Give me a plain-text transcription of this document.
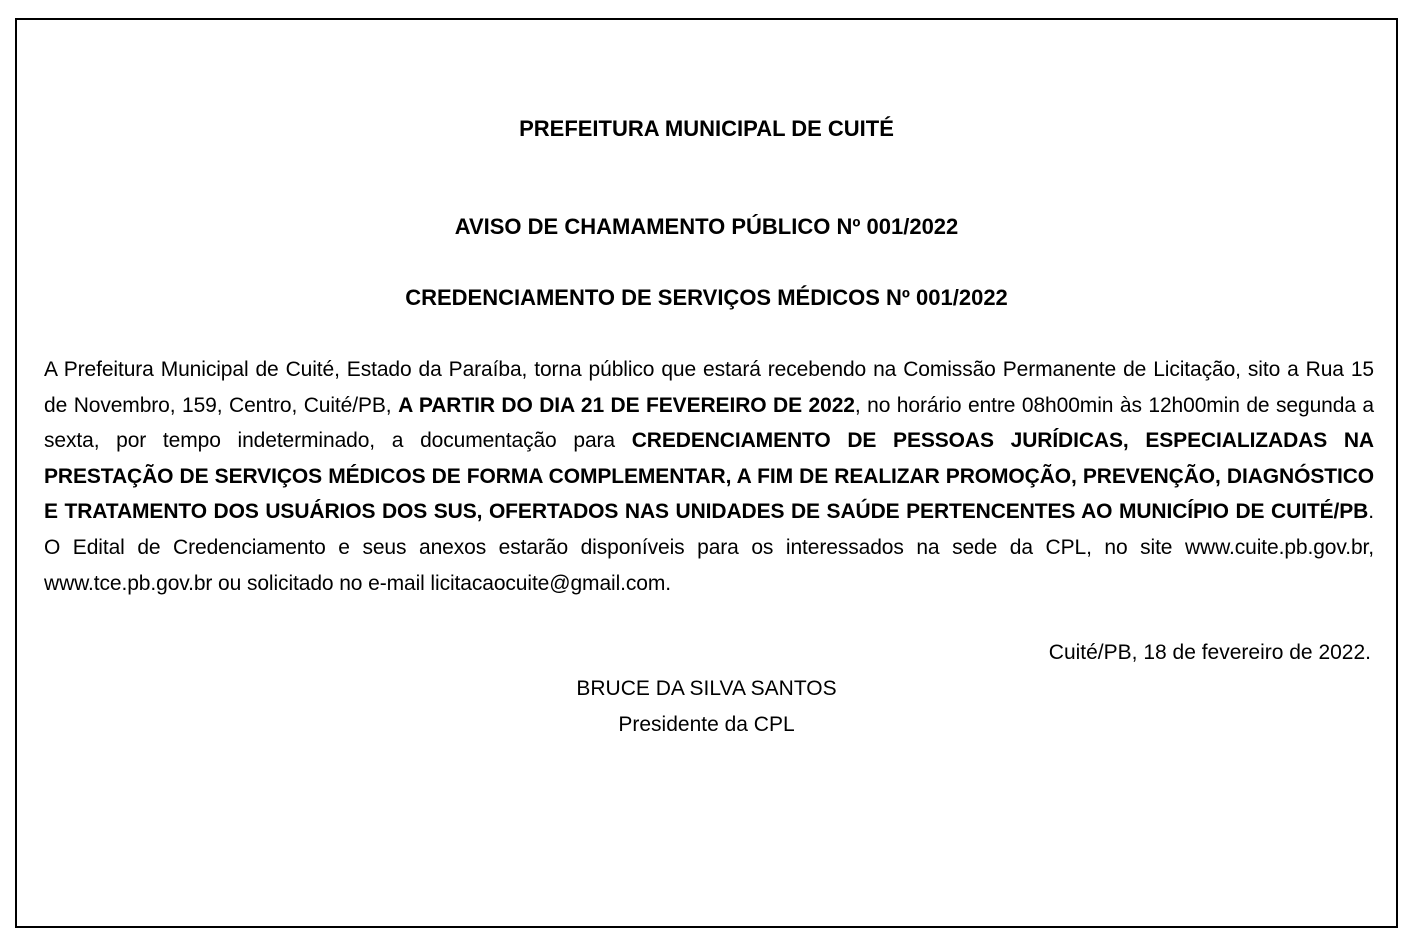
PREFEITURA MUNICIPAL DE CUITÉ
AVISO DE CHAMAMENTO PÚBLICO Nº 001/2022
CREDENCIAMENTO DE SERVIÇOS MÉDICOS Nº 001/2022
A Prefeitura Municipal de Cuité, Estado da Paraíba, torna público que estará recebendo na Comissão Permanente de Licitação, sito a Rua 15 de Novembro, 159, Centro, Cuité/PB, A PARTIR DO DIA 21 DE FEVEREIRO DE 2022, no horário entre 08h00min às 12h00min de segunda a sexta, por tempo indeterminado, a documentação para CREDENCIAMENTO DE PESSOAS JURÍDICAS, ESPECIALIZADAS NA PRESTAÇÃO DE SERVIÇOS MÉDICOS DE FORMA COMPLEMENTAR, A FIM DE REALIZAR PROMOÇÃO, PREVENÇÃO, DIAGNÓSTICO E TRATAMENTO DOS USUÁRIOS DOS SUS, OFERTADOS NAS UNIDADES DE SAÚDE PERTENCENTES AO MUNICÍPIO DE CUITÉ/PB. O Edital de Credenciamento e seus anexos estarão disponíveis para os interessados na sede da CPL, no site www.cuite.pb.gov.br, www.tce.pb.gov.br ou solicitado no e-mail licitacaocuite@gmail.com.
Cuité/PB, 18 de fevereiro de 2022.
BRUCE DA SILVA SANTOS
Presidente da CPL
